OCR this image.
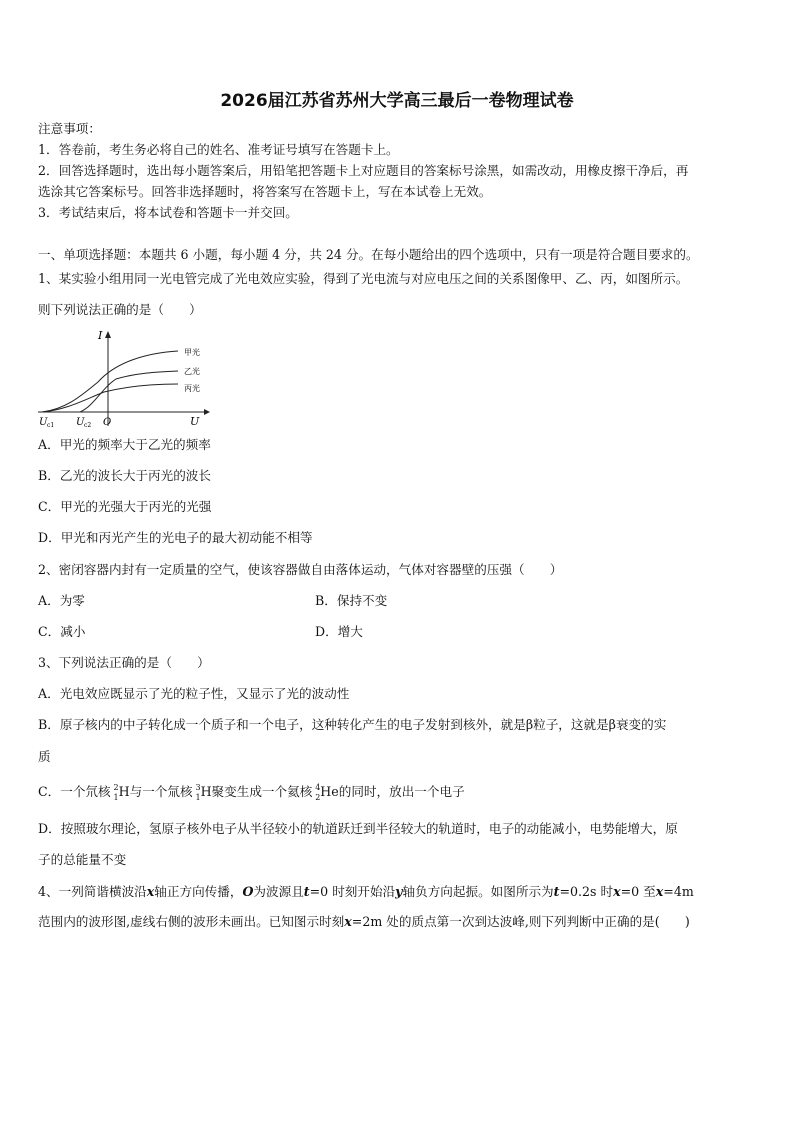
2026届江苏省苏州大学高三最后一卷物理试卷
注意事项：
1．答卷前，考生务必将自己的姓名、准考证号填写在答题卡上。
2．回答选择题时，选出每小题答案后，用铅笔把答题卡上对应题目的答案标号涂黑，如需改动，用橡皮擦干净后，再
选涂其它答案标号。回答非选择题时，将答案写在答题卡上，写在本试卷上无效。
3．考试结束后，将本试卷和答题卡一并交回。
一、单项选择题：本题共 6 小题，每小题 4 分，共 24 分。在每小题给出的四个选项中，只有一项是符合题目要求的。
1、某实验小组用同一光电管完成了光电效应实验，得到了光电流与对应电压之间的关系图像甲、乙、丙，如图所示。
则下列说法正确的是（　　）
I
U
O
U c1 U c2
甲光
乙光
丙光
A．甲光的频率大于乙光的频率
B．乙光的波长大于丙光的波长
C．甲光的光强大于丙光的光强
D．甲光和丙光产生的光电子的最大初动能不相等
2、密闭容器内封有一定质量的空气，使该容器做自由落体运动，气体对容器壁的压强（　　）
A．为零	B．保持不变
C．减小	D．增大
3、下列说法正确的是（　　）
A．光电效应既显示了光的粒子性，又显示了光的波动性
B．原子核内的中子转化成一个质子和一个电子，这种转化产生的电子发射到核外，就是β粒子，这就是β衰变的实
质
C．一个氘核 2
1 H与一个氚核 3
1 H聚变生成一个氦核 4
2 He的同时，放出一个电子
D．按照玻尔理论，氢原子核外电子从半径较小的轨道跃迁到半径较大的轨道时，电子的动能减小，电势能增大，原
子的总能量不变
4、一列简谐横波沿x轴正方向传播，O为波源且t=0 时刻开始沿y轴负方向起振。如图所示为t=0.2s 时x=0 至x=4m
范围内的波形图,虚线右侧的波形未画出。已知图示时刻x=2m 处的质点第一次到达波峰,则下列判断中正确的是(　　)
